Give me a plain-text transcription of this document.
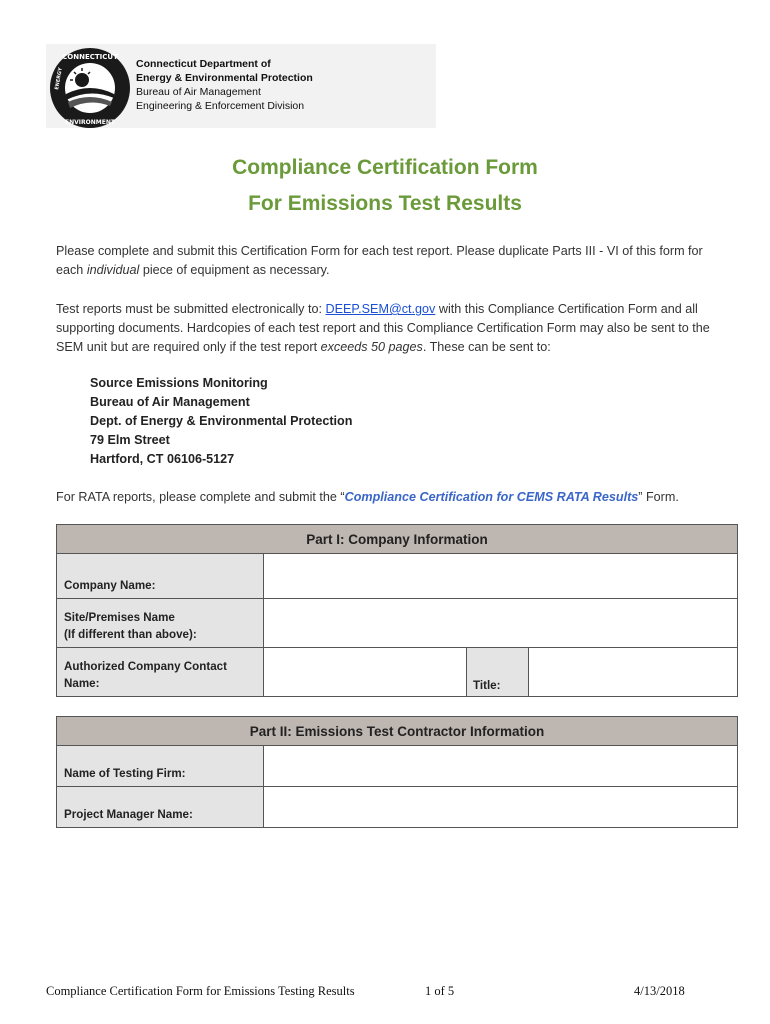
CONNECTICUT
ENVIRONMENT
ENERGY
Connecticut Department of
Energy & Environmental Protection
Bureau of Air Management
Engineering & Enforcement Division
Compliance Certification Form
For Emissions Test Results
Please complete and submit this Certification Form for each test report. Please duplicate Parts III - VI of this form for each individual piece of equipment as necessary.
Test reports must be submitted electronically to: DEEP.SEM@ct.gov with this Compliance Certification Form and all supporting documents. Hardcopies of each test report and this Compliance Certification Form may also be sent to the SEM unit but are required only if the test report exceeds 50 pages. These can be sent to:
Source Emissions Monitoring
Bureau of Air Management
Dept. of Energy & Environmental Protection
79 Elm Street
Hartford, CT 06106-5127
For RATA reports, please complete and submit the “Compliance Certification for CEMS RATA Results” Form.
Part I: Company Information
Company Name:
Site/Premises Name
(If different than above):
Authorized Company Contact
Name:	Title:
Part II: Emissions Test Contractor Information
Name of Testing Firm:
Project Manager Name:
Compliance Certification Form for Emissions Testing Results	1 of 5	4/13/2018
